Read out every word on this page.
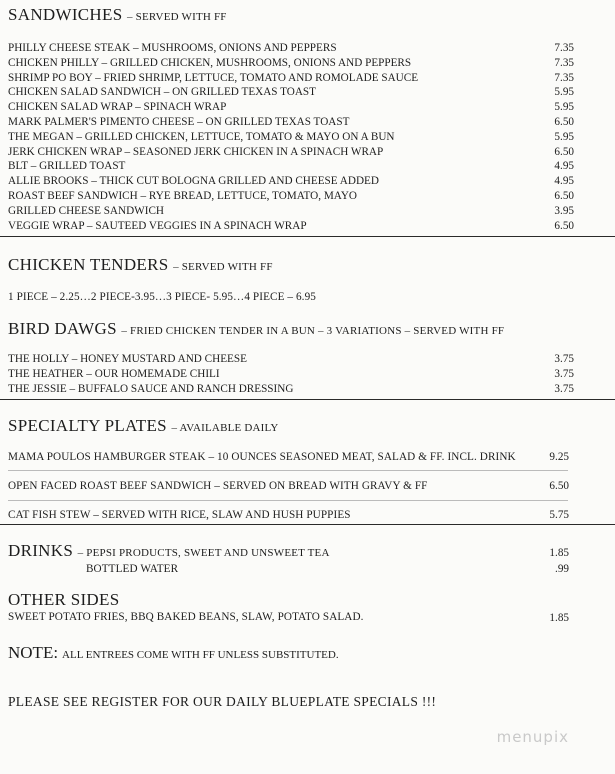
SANDWICHES – SERVED WITH FF
PHILLY CHEESE STEAK – MUSHROOMS, ONIONS AND PEPPERS	7.35
CHICKEN PHILLY – GRILLED CHICKEN, MUSHROOMS, ONIONS AND PEPPERS	7.35
SHRIMP PO BOY – FRIED SHRIMP, LETTUCE, TOMATO AND ROMOLADE SAUCE	7.35
CHICKEN SALAD SANDWICH – ON GRILLED TEXAS TOAST	5.95
CHICKEN SALAD WRAP – SPINACH WRAP	5.95
MARK PALMER'S PIMENTO CHEESE – ON GRILLED TEXAS TOAST	6.50
THE MEGAN – GRILLED CHICKEN, LETTUCE, TOMATO & MAYO ON A BUN	5.95
JERK CHICKEN WRAP – SEASONED JERK CHICKEN IN A SPINACH WRAP	6.50
BLT – GRILLED TOAST	4.95
ALLIE BROOKS – THICK CUT BOLOGNA GRILLED AND CHEESE ADDED	4.95
ROAST BEEF SANDWICH – RYE BREAD, LETTUCE, TOMATO, MAYO	6.50
GRILLED CHEESE SANDWICH	3.95
VEGGIE WRAP – SAUTEED VEGGIES IN A SPINACH WRAP	6.50
CHICKEN TENDERS – SERVED WITH FF
1 PIECE – 2.25…2 PIECE-3.95…3 PIECE- 5.95…4 PIECE – 6.95
BIRD DAWGS – FRIED CHICKEN TENDER IN A BUN – 3 VARIATIONS – SERVED WITH FF
THE HOLLY – HONEY MUSTARD AND CHEESE	3.75
THE HEATHER – OUR HOMEMADE CHILI	3.75
THE JESSIE – BUFFALO SAUCE AND RANCH DRESSING	3.75
SPECIALTY PLATES – AVAILABLE DAILY
MAMA POULOS HAMBURGER STEAK – 10 OUNCES SEASONED MEAT, SALAD & FF. INCL. DRINK	9.25
OPEN FACED ROAST BEEF SANDWICH – SERVED ON BREAD WITH GRAVY & FF	6.50
CAT FISH STEW – SERVED WITH RICE, SLAW AND HUSH PUPPIES	5.75
DRINKS – PEPSI PRODUCTS, SWEET AND UNSWEET TEA	1.85
BOTTLED WATER	.99
OTHER SIDES
SWEET POTATO FRIES, BBQ BAKED BEANS, SLAW, POTATO SALAD.	1.85
NOTE: ALL ENTREES COME WITH FF UNLESS SUBSTITUTED.
PLEASE SEE REGISTER FOR OUR DAILY BLUEPLATE SPECIALS !!!
menupix
